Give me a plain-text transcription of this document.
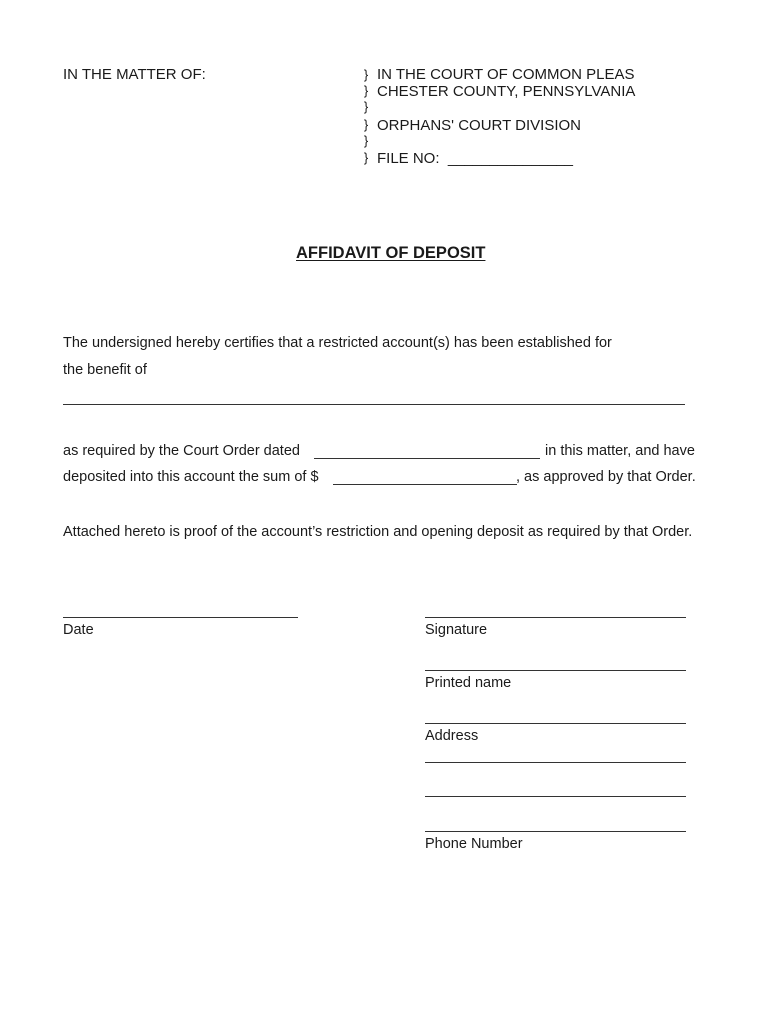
IN THE MATTER OF:	}
}
}
}
}
}
IN THE COURT OF COMMON PLEAS
CHESTER COUNTY, PENNSYLVANIA
ORPHANS' COURT DIVISION
FILE NO:  _______________
AFFIDAVIT OF DEPOSIT
The undersigned hereby certifies that a restricted account(s) has been established for
the benefit of
as required by the Court Order dated	in this matter, and have
deposited into this account the sum of $	, as approved by that Order.
Attached hereto is proof of the account’s restriction and opening deposit as required by that Order.
Date	Signature
Printed name
Address
Phone Number
